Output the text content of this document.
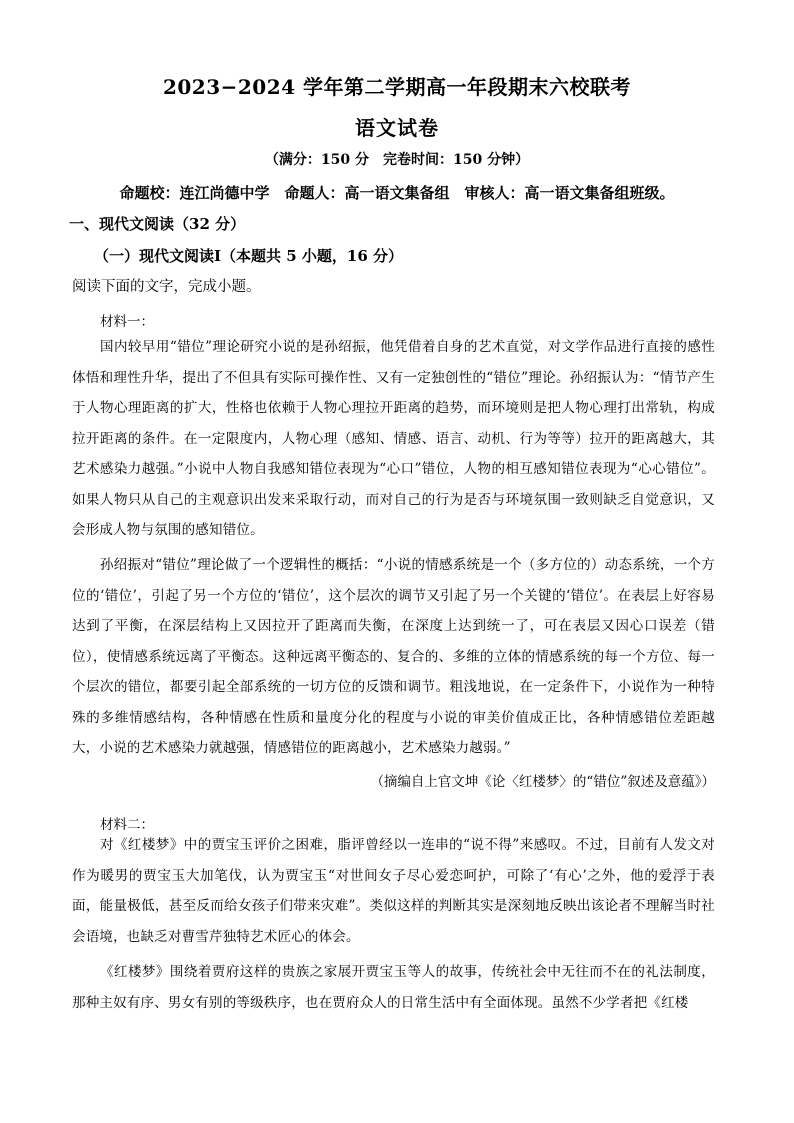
2023−2024 学年第二学期高一年段期末六校联考
语文试卷
（满分：150 分　完卷时间：150 分钟）
命题校：连江尚德中学　命题人：高一语文集备组　审核人：高一语文集备组班级。
一、现代文阅读（32 分）
（一）现代文阅读Ⅰ（本题共 5 小题，16 分）
阅读下面的文字，完成小题。
材料一：
国内较早用“错位”理论研究小说的是孙绍振，他凭借着自身的艺术直觉，对文学作品进行直接的感性体悟和理性升华，提出了不但具有实际可操作性、又有一定独创性的“错位”理论。孙绍振认为：“情节产生于人物心理距离的扩大，性格也依赖于人物心理拉开距离的趋势，而环境则是把人物心理打出常轨，构成拉开距离的条件。在一定限度内，人物心理（感知、情感、语言、动机、行为等等）拉开的距离越大，其艺术感染力越强。”小说中人物自我感知错位表现为“心口”错位，人物的相互感知错位表现为“心心错位”。如果人物只从自己的主观意识出发来采取行动，而对自己的行为是否与环境氛围一致则缺乏自觉意识，又会形成人物与氛围的感知错位。
孙绍振对“错位”理论做了一个逻辑性的概括：“小说的情感系统是一个（多方位的）动态系统，一个方位的‘错位’，引起了另一个方位的‘错位’，这个层次的调节又引起了另一个关键的‘错位’。在表层上好容易达到了平衡，在深层结构上又因拉开了距离而失衡，在深度上达到统一了，可在表层又因心口误差（错位），使情感系统远离了平衡态。这种远离平衡态的、复合的、多维的立体的情感系统的每一个方位、每一个层次的错位，都要引起全部系统的一切方位的反馈和调节。粗浅地说，在一定条件下，小说作为一种特殊的多维情感结构，各种情感在性质和量度分化的程度与小说的审美价值成正比，各种情感错位差距越大，小说的艺术感染力就越强，情感错位的距离越小，艺术感染力越弱。”
（摘编自上官文坤《论〈红楼梦〉的“错位”叙述及意蕴》）
材料二：
对《红楼梦》中的贾宝玉评价之困难，脂评曾经以一连串的“说不得”来感叹。不过，目前有人发文对作为暖男的贾宝玉大加笔伐，认为贾宝玉“对世间女子尽心爱恋呵护，可除了‘有心’之外，他的爱浮于表面，能量极低，甚至反而给女孩子们带来灾难”。类似这样的判断其实是深刻地反映出该论者不理解当时社会语境，也缺乏对曹雪芹独特艺术匠心的体会。
《红楼梦》围绕着贾府这样的贵族之家展开贾宝玉等人的故事，传统社会中无往而不在的礼法制度，那种主奴有序、男女有别的等级秩序，也在贾府众人的日常生活中有全面体现。虽然不少学者把《红楼
